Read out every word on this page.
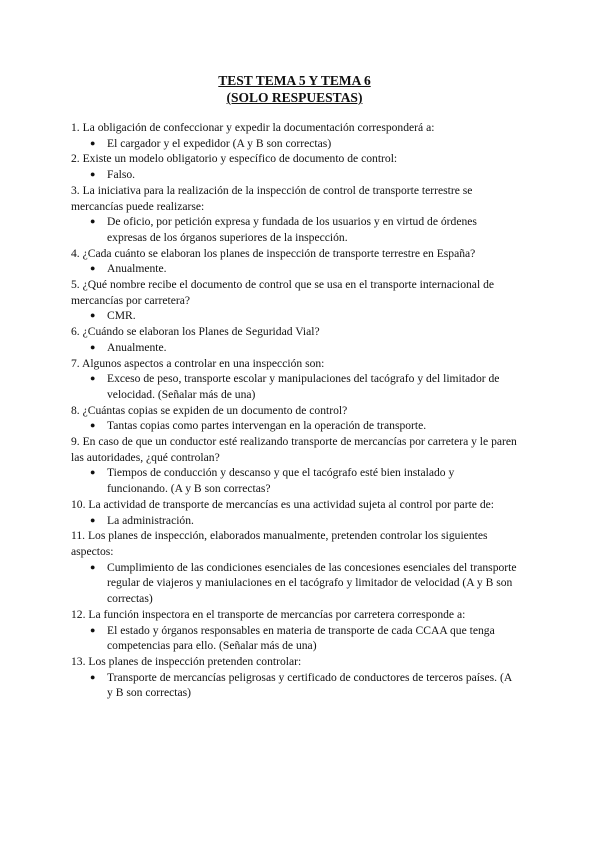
TEST TEMA 5 Y TEMA 6

(SOLO RESPUESTAS)

1. La obligación de confeccionar y expedir la documentación corresponderá a:

● El cargador y el expedidor (A y B son correctas)

2. Existe un modelo obligatorio y específico de documento de control:

● Falso.

3. La iniciativa para la realización de la inspección de control de transporte terrestre se mercancías puede realizarse:

● De oficio, por petición expresa y fundada de los usuarios y en virtud de órdenes expresas de los órganos superiores de la inspección.

4. ¿Cada cuánto se elaboran los planes de inspección de transporte terrestre en España?

● Anualmente.

5. ¿Qué nombre recibe el documento de control que se usa en el transporte internacional de mercancías por carretera?

● CMR.

6. ¿Cuándo se elaboran los Planes de Seguridad Vial?

● Anualmente.

7. Algunos aspectos a controlar en una inspección son:

● Exceso de peso, transporte escolar y manipulaciones del tacógrafo y del limitador de velocidad. (Señalar más de una)

8. ¿Cuántas copias se expiden de un documento de control?

● Tantas copias como partes intervengan en la operación de transporte.

9. En caso de que un conductor esté realizando transporte de mercancías por carretera y le paren las autoridades, ¿qué controlan?

● Tiempos de conducción y descanso y que el tacógrafo esté bien instalado y funcionando. (A y B son correctas?

10. La actividad de transporte de mercancías es una actividad sujeta al control por parte de:

● La administración.

11. Los planes de inspección, elaborados manualmente, pretenden controlar los siguientes aspectos:

● Cumplimiento de las condiciones esenciales de las concesiones esenciales del transporte regular de viajeros y maniulaciones en el tacógrafo y limitador de velocidad (A y B son correctas)

12. La función inspectora en el transporte de mercancías por carretera corresponde a:

● El estado y órganos responsables en materia de transporte de cada CCAA que tenga competencias para ello. (Señalar más de una)

13. Los planes de inspección pretenden controlar:

● Transporte de mercancías peligrosas y certificado de conductores de terceros países. (A y B son correctas)
